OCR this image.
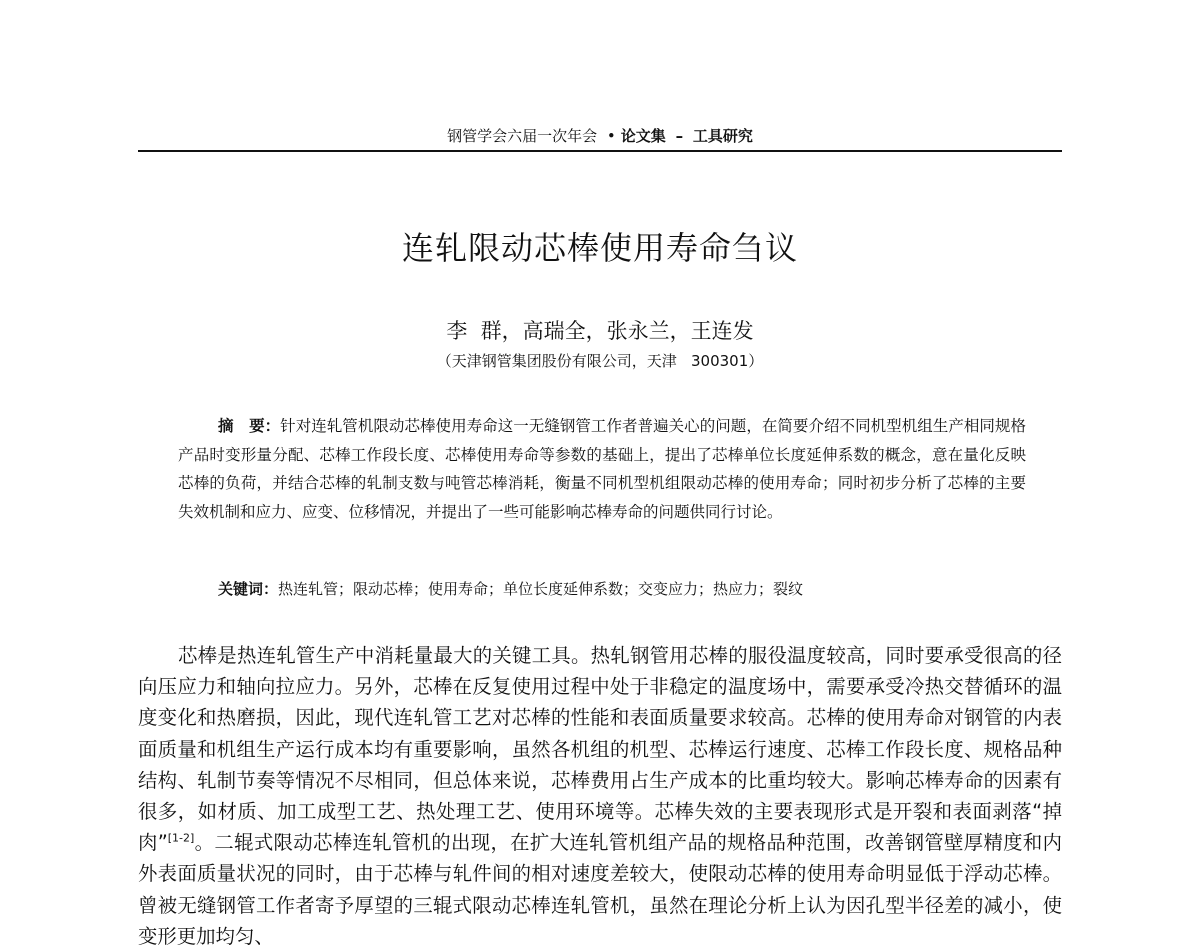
钢管学会六届一次年会 • 论文集 – 工具研究
连轧限动芯棒使用寿命刍议
李  群，高瑞全，张永兰，王连发
（天津钢管集团股份有限公司，天津   300301）
摘　要：针对连轧管机限动芯棒使用寿命这一无缝钢管工作者普遍关心的问题，在简要介绍不同机型机组生产相同规格产品时变形量分配、芯棒工作段长度、芯棒使用寿命等参数的基础上，提出了芯棒单位长度延伸系数的概念，意在量化反映芯棒的负荷，并结合芯棒的轧制支数与吨管芯棒消耗，衡量不同机型机组限动芯棒的使用寿命；同时初步分析了芯棒的主要失效机制和应力、应变、位移情况，并提出了一些可能影响芯棒寿命的问题供同行讨论。
关键词：热连轧管；限动芯棒；使用寿命；单位长度延伸系数；交变应力；热应力；裂纹
芯棒是热连轧管生产中消耗量最大的关键工具。热轧钢管用芯棒的服役温度较高，同时要承受很高的径向压应力和轴向拉应力。另外，芯棒在反复使用过程中处于非稳定的温度场中，需要承受冷热交替循环的温度变化和热磨损，因此，现代连轧管工艺对芯棒的性能和表面质量要求较高。芯棒的使用寿命对钢管的内表面质量和机组生产运行成本均有重要影响，虽然各机组的机型、芯棒运行速度、芯棒工作段长度、规格品种结构、轧制节奏等情况不尽相同，但总体来说，芯棒费用占生产成本的比重均较大。影响芯棒寿命的因素有很多，如材质、加工成型工艺、热处理工艺、使用环境等。芯棒失效的主要表现形式是开裂和表面剥落“掉肉”[1-2]。二辊式限动芯棒连轧管机的出现，在扩大连轧管机组产品的规格品种范围，改善钢管壁厚精度和内外表面质量状况的同时，由于芯棒与轧件间的相对速度差较大，使限动芯棒的使用寿命明显低于浮动芯棒。曾被无缝钢管工作者寄予厚望的三辊式限动芯棒连轧管机，虽然在理论分析上认为因孔型半径差的减小，使变形更加均匀、
